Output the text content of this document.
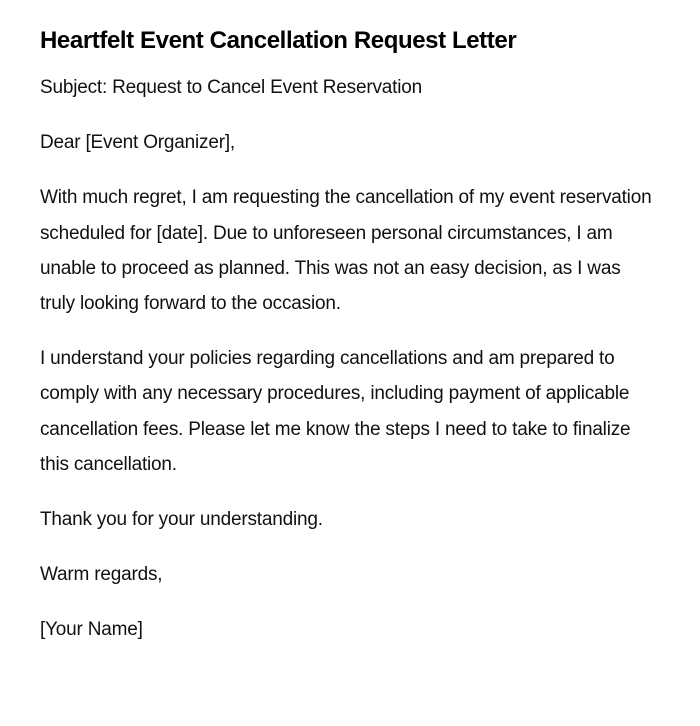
Heartfelt Event Cancellation Request Letter

Subject: Request to Cancel Event Reservation

Dear [Event Organizer],

With much regret, I am requesting the cancellation of my event reservation scheduled for [date]. Due to unforeseen personal circumstances, I am unable to proceed as planned. This was not an easy decision, as I was truly looking forward to the occasion.

I understand your policies regarding cancellations and am prepared to comply with any necessary procedures, including payment of applicable cancellation fees. Please let me know the steps I need to take to finalize this cancellation.

Thank you for your understanding.

Warm regards,

[Your Name]
